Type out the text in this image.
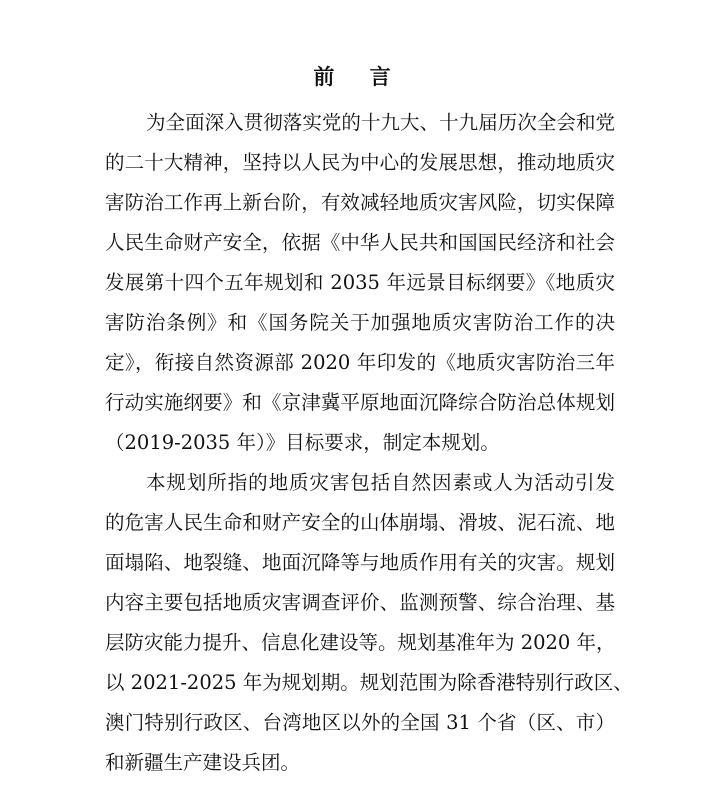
前 言
为全面深入贯彻落实党的十九大、十九届历次全会和党
的二十大精神，坚持以人民为中心的发展思想，推动地质灾
害防治工作再上新台阶，有效减轻地质灾害风险，切实保障
人民生命财产安全，依据《中华人民共和国国民经济和社会
发展第十四个五年规划和 2035 年远景目标纲要》《地质灾
害防治条例》和《国务院关于加强地质灾害防治工作的决
定》，衔接自然资源部 2020 年印发的《地质灾害防治三年
行动实施纲要》和《京津冀平原地面沉降综合防治总体规划
（2019-2035 年）》目标要求，制定本规划。
本规划所指的地质灾害包括自然因素或人为活动引发
的危害人民生命和财产安全的山体崩塌、滑坡、泥石流、地
面塌陷、地裂缝、地面沉降等与地质作用有关的灾害。规划
内容主要包括地质灾害调查评价、监测预警、综合治理、基
层防灾能力提升、信息化建设等。规划基准年为 2020 年，
以 2021-2025 年为规划期。规划范围为除香港特别行政区、
澳门特别行政区、台湾地区以外的全国 31 个省（区、市）
和新疆生产建设兵团。
